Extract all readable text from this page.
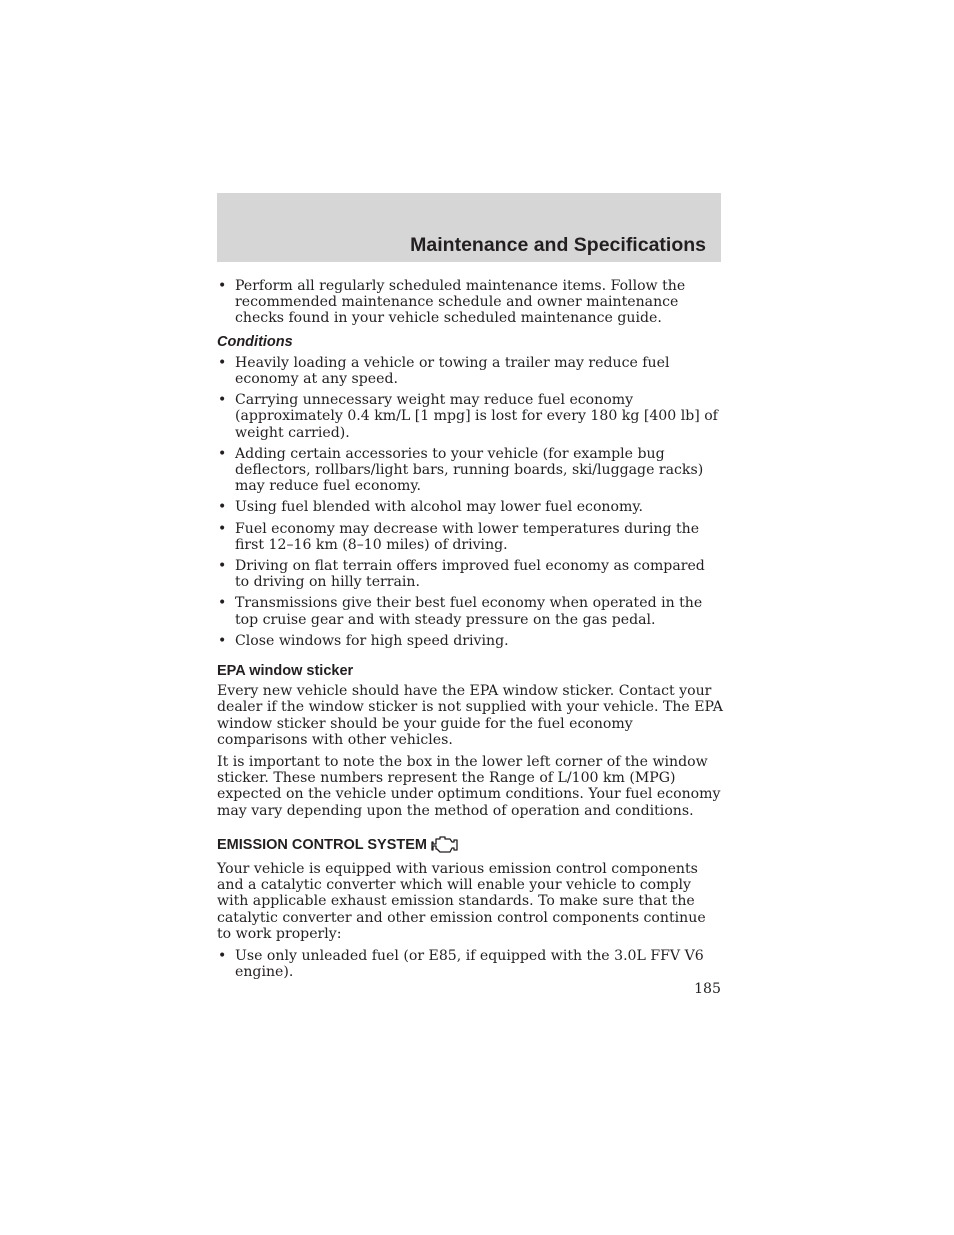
Maintenance and Specifications
• Perform all regularly scheduled maintenance items. Follow the recommended maintenance schedule and owner maintenance checks found in your vehicle scheduled maintenance guide.
Conditions
• Heavily loading a vehicle or towing a trailer may reduce fuel economy at any speed.
• Carrying unnecessary weight may reduce fuel economy (approximately 0.4 km/L [1 mpg] is lost for every 180 kg [400 lb] of weight carried).
• Adding certain accessories to your vehicle (for example bug deflectors, rollbars/light bars, running boards, ski/luggage racks) may reduce fuel economy.
• Using fuel blended with alcohol may lower fuel economy.
• Fuel economy may decrease with lower temperatures during the first 12–16 km (8–10 miles) of driving.
• Driving on flat terrain offers improved fuel economy as compared to driving on hilly terrain.
• Transmissions give their best fuel economy when operated in the top cruise gear and with steady pressure on the gas pedal.
• Close windows for high speed driving.
EPA window sticker

Every new vehicle should have the EPA window sticker. Contact your dealer if the window sticker is not supplied with your vehicle. The EPA window sticker should be your guide for the fuel economy comparisons with other vehicles.

It is important to note the box in the lower left corner of the window sticker. These numbers represent the Range of L/100 km (MPG) expected on the vehicle under optimum conditions. Your fuel economy may vary depending upon the method of operation and conditions.

EMISSION CONTROL SYSTEM

Your vehicle is equipped with various emission control components and a catalytic converter which will enable your vehicle to comply with applicable exhaust emission standards. To make sure that the catalytic converter and other emission control components continue to work properly:

• Use only unleaded fuel (or E85, if equipped with the 3.0L FFV V6 engine).
185
